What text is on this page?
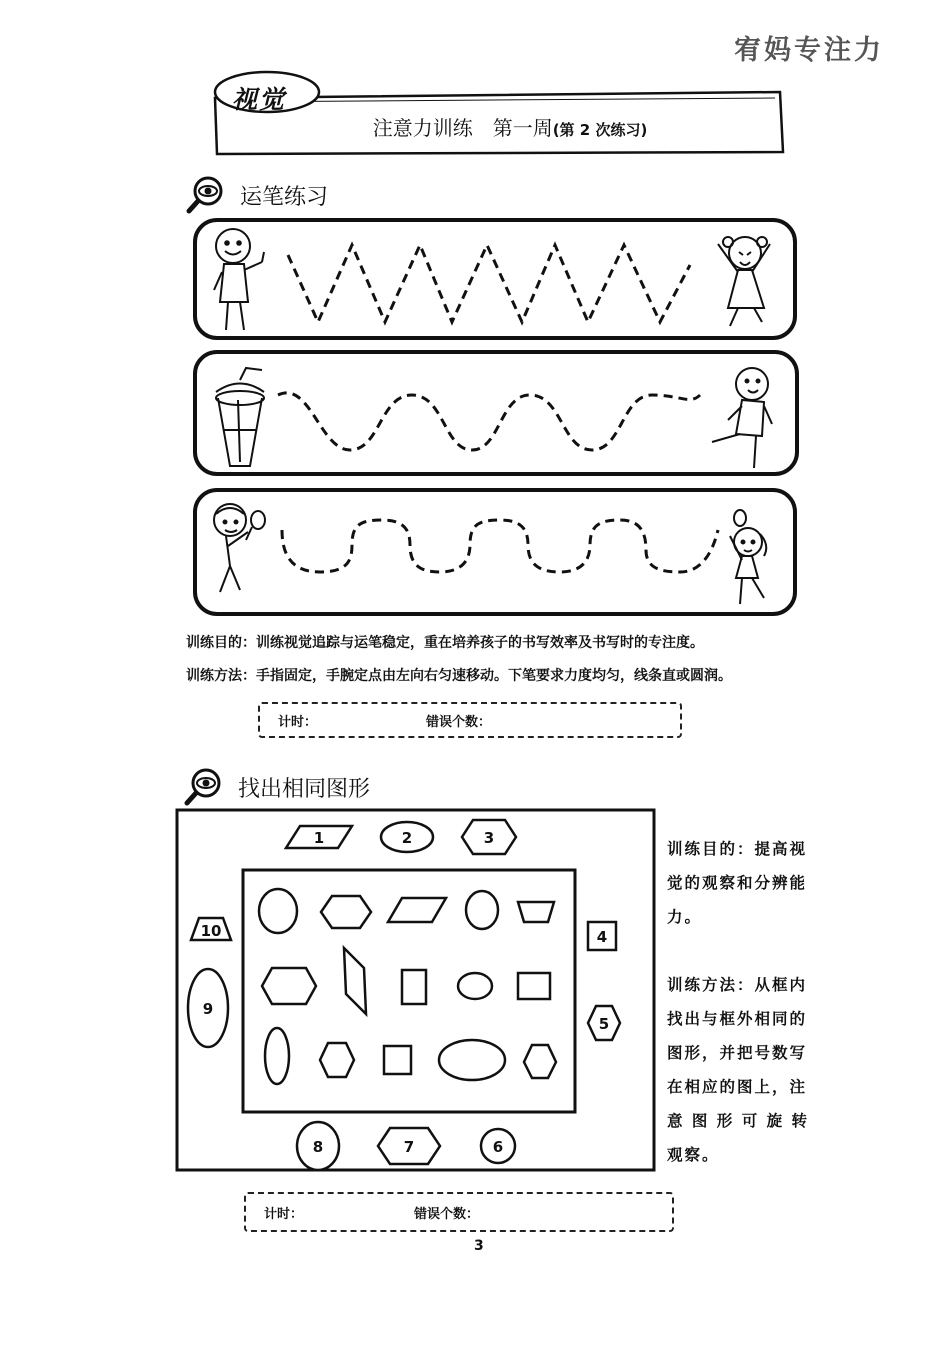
宥妈专注力
视觉
注意力训练　第一周(第 2 次练习)
运笔练习
训练目的：训练视觉追踪与运笔稳定，重在培养孩子的书写效率及书写时的专注度。
训练方法：手指固定，手腕定点由左向右匀速移动。下笔要求力度均匀，线条直或圆润。
计时：	错误个数：
找出相同图形
1	2	3
4
5
6
7
8
9
10
训练目的：提高视
觉的观察和分辨能
力。
训练方法：从框内
找出与框外相同的
图形，并把号数写
在相应的图上，注
意 图 形 可 旋 转
观察。
计时：	错误个数：
3
